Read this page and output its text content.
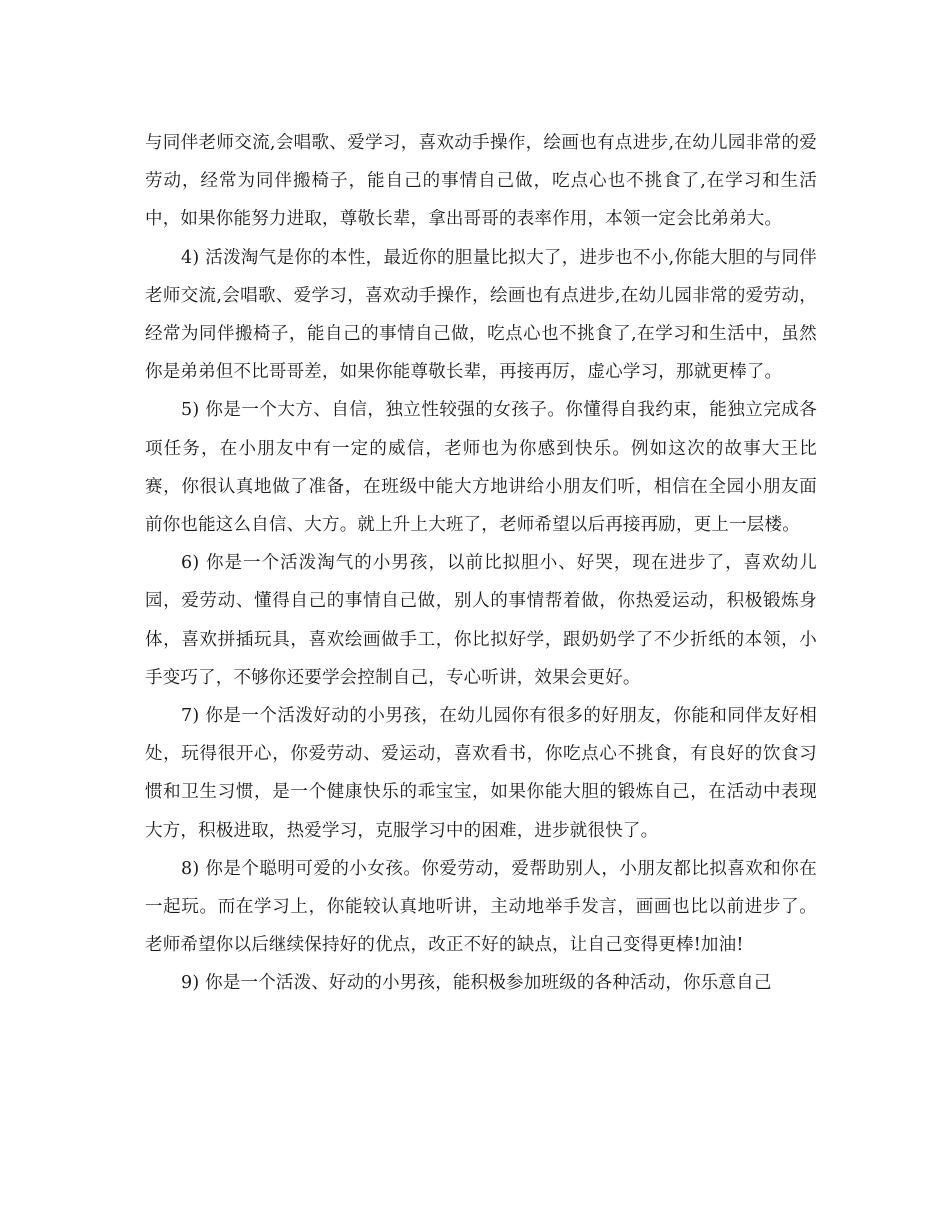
与同伴老师交流,会唱歌、爱学习，喜欢动手操作，绘画也有点进步,在幼儿园非常的爱劳动，经常为同伴搬椅子，能自己的事情自己做，吃点心也不挑食了,在学习和生活中，如果你能努力进取，尊敬长辈，拿出哥哥的表率作用，本领一定会比弟弟大。

4) 活泼淘气是你的本性，最近你的胆量比拟大了，进步也不小,你能大胆的与同伴老师交流,会唱歌、爱学习，喜欢动手操作，绘画也有点进步,在幼儿园非常的爱劳动，经常为同伴搬椅子，能自己的事情自己做，吃点心也不挑食了,在学习和生活中，虽然你是弟弟但不比哥哥差，如果你能尊敬长辈，再接再厉，虚心学习，那就更棒了。

5) 你是一个大方、自信，独立性较强的女孩子。你懂得自我约束，能独立完成各项任务，在小朋友中有一定的威信，老师也为你感到快乐。例如这次的故事大王比赛，你很认真地做了准备，在班级中能大方地讲给小朋友们听，相信在全园小朋友面前你也能这么自信、大方。就上升上大班了，老师希望以后再接再励，更上一层楼。

6) 你是一个活泼淘气的小男孩，以前比拟胆小、好哭，现在进步了，喜欢幼儿园，爱劳动、懂得自己的事情自己做，别人的事情帮着做，你热爱运动，积极锻炼身体，喜欢拼插玩具，喜欢绘画做手工，你比拟好学，跟奶奶学了不少折纸的本领，小手变巧了，不够你还要学会控制自己，专心听讲，效果会更好。

7) 你是一个活泼好动的小男孩，在幼儿园你有很多的好朋友，你能和同伴友好相处，玩得很开心，你爱劳动、爱运动，喜欢看书，你吃点心不挑食，有良好的饮食习惯和卫生习惯，是一个健康快乐的乖宝宝，如果你能大胆的锻炼自己，在活动中表现大方，积极进取，热爱学习，克服学习中的困难，进步就很快了。

8) 你是个聪明可爱的小女孩。你爱劳动，爱帮助别人，小朋友都比拟喜欢和你在一起玩。而在学习上，你能较认真地听讲，主动地举手发言，画画也比以前进步了。老师希望你以后继续保持好的优点，改正不好的缺点，让自己变得更棒!加油!

9) 你是一个活泼、好动的小男孩，能积极参加班级的各种活动，你乐意自己
